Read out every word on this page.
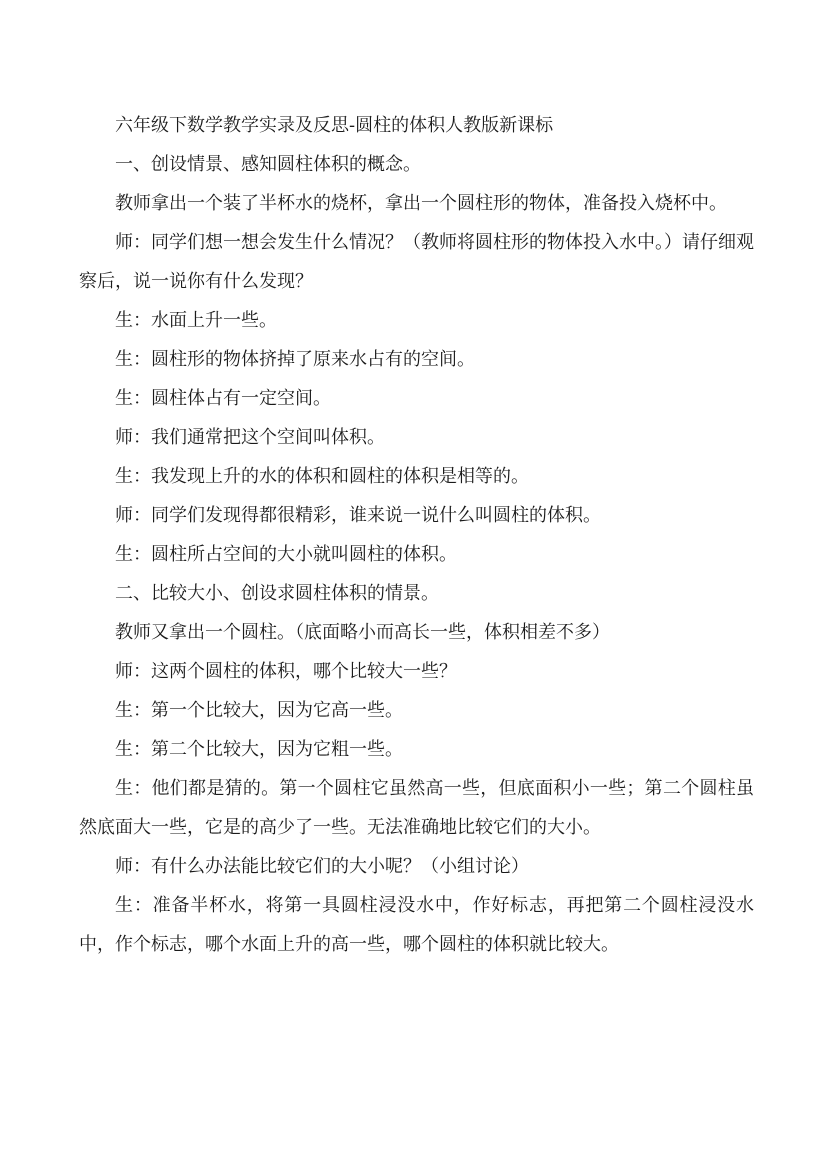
六年级下数学教学实录及反思-圆柱的体积人教版新课标

一、创设情景、感知圆柱体积的概念。

教师拿出一个装了半杯水的烧杯，拿出一个圆柱形的物体，准备投入烧杯中。

师：同学们想一想会发生什么情况？（教师将圆柱形的物体投入水中。）请仔细观察后，说一说你有什么发现？

生：水面上升一些。

生：圆柱形的物体挤掉了原来水占有的空间。

生：圆柱体占有一定空间。

师：我们通常把这个空间叫体积。

生：我发现上升的水的体积和圆柱的体积是相等的。

师：同学们发现得都很精彩，谁来说一说什么叫圆柱的体积。

生：圆柱所占空间的大小就叫圆柱的体积。

二、比较大小、创设求圆柱体积的情景。

教师又拿出一个圆柱。（底面略小而高长一些，体积相差不多）

师：这两个圆柱的体积，哪个比较大一些？

生：第一个比较大，因为它高一些。

生：第二个比较大，因为它粗一些。

生：他们都是猜的。第一个圆柱它虽然高一些，但底面积小一些；第二个圆柱虽然底面大一些，它是的高少了一些。无法准确地比较它们的大小。

师：有什么办法能比较它们的大小呢？（小组讨论）

生：准备半杯水，将第一具圆柱浸没水中，作好标志，再把第二个圆柱浸没水中，作个标志，哪个水面上升的高一些，哪个圆柱的体积就比较大。
